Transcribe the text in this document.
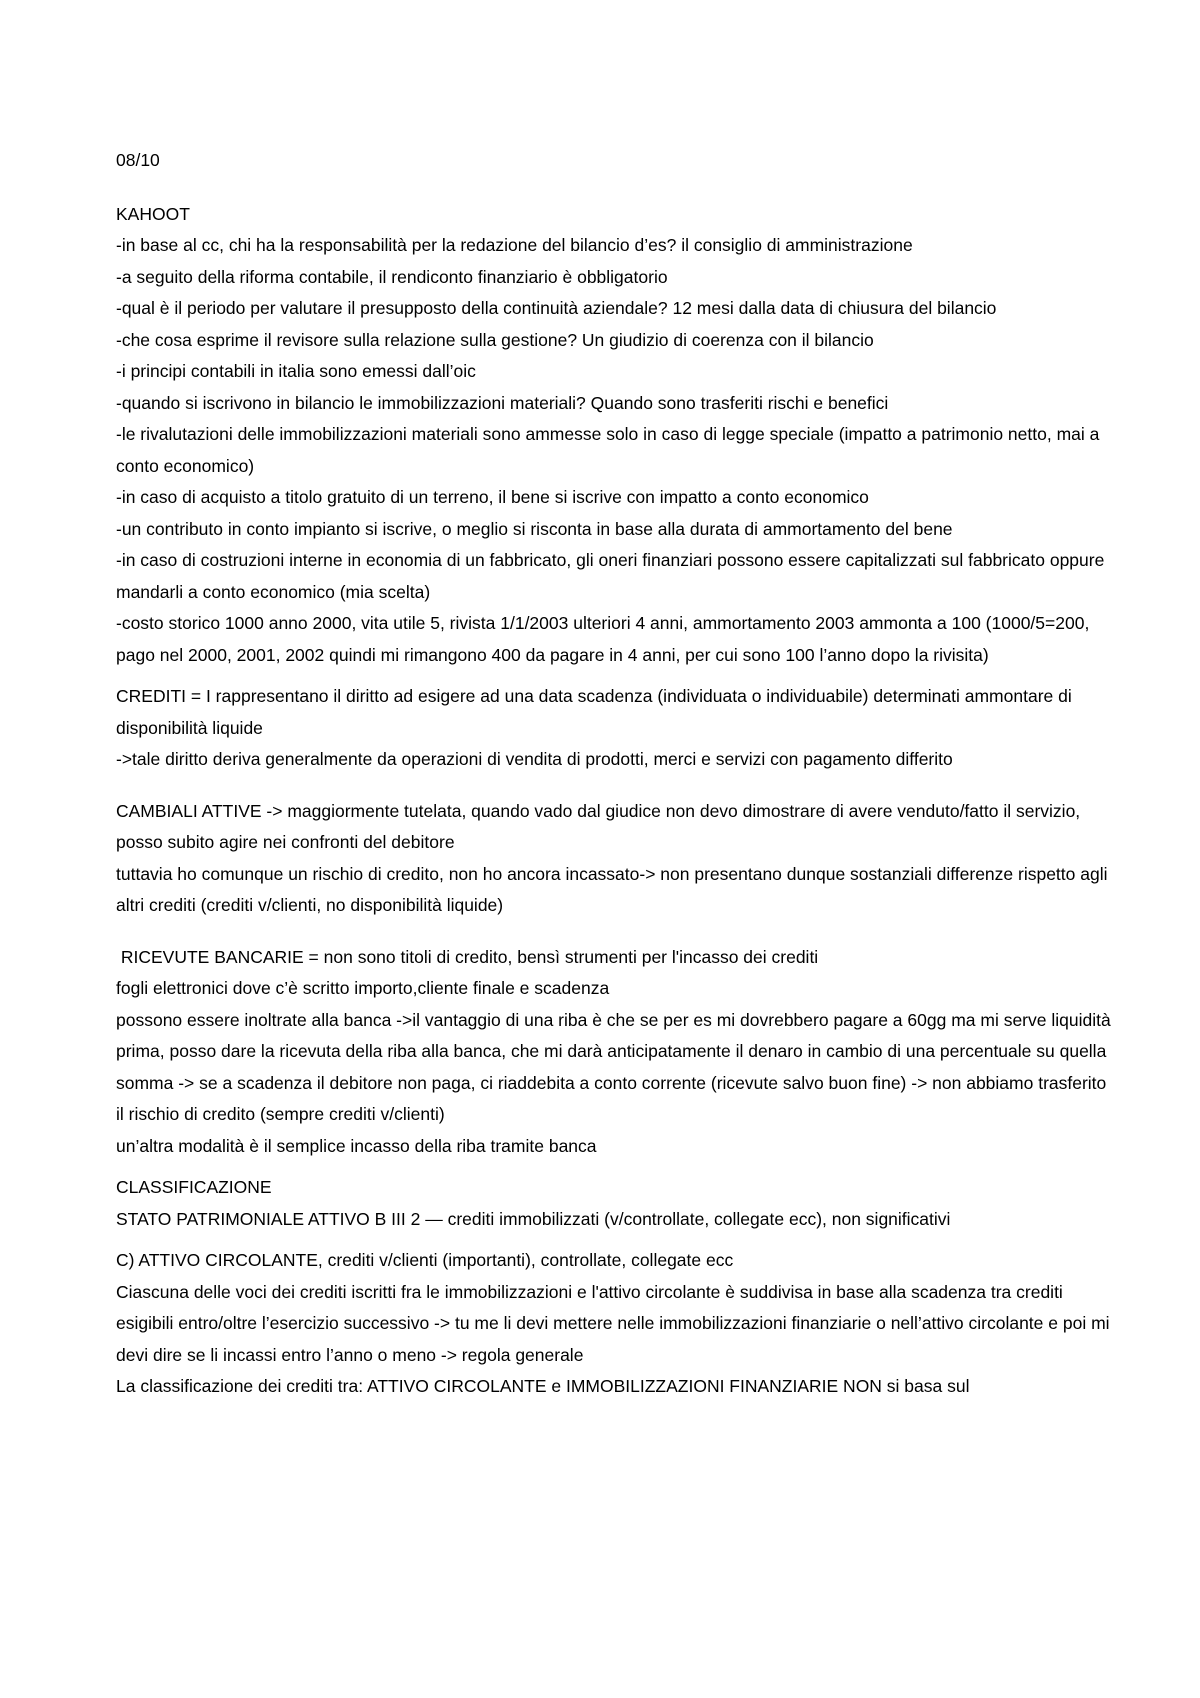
08/10

KAHOOT

-in base al cc, chi ha la responsabilità per la redazione del bilancio d’es? il consiglio di amministrazione

-a seguito della riforma contabile, il rendiconto finanziario è obbligatorio

-qual è il periodo per valutare il presupposto della continuità aziendale? 12 mesi dalla data di chiusura del bilancio

-che cosa esprime il revisore sulla relazione sulla gestione? Un giudizio di coerenza con il bilancio

-i principi contabili in italia sono emessi dall’oic

-quando si iscrivono in bilancio le immobilizzazioni materiali? Quando sono trasferiti rischi e benefici

-le rivalutazioni delle immobilizzazioni materiali sono ammesse solo in caso di legge speciale (impatto a patrimonio netto, mai a conto economico)

-in caso di acquisto a titolo gratuito di un terreno, il bene si iscrive con impatto a conto economico

-un contributo in conto impianto si iscrive, o meglio si risconta in base alla durata di ammortamento del bene

-in caso di costruzioni interne in economia di un fabbricato, gli oneri finanziari possono essere capitalizzati sul fabbricato oppure mandarli a conto economico (mia scelta)

-costo storico 1000 anno 2000, vita utile 5, rivista 1/1/2003 ulteriori 4 anni, ammortamento 2003 ammonta a 100 (1000/5=200, pago nel 2000, 2001, 2002 quindi mi rimangono 400 da pagare in 4 anni, per cui sono 100 l’anno dopo la rivisita)

CREDITI = I rappresentano il diritto ad esigere ad una data scadenza (individuata o individuabile) determinati ammontare di disponibilità liquide

->tale diritto deriva generalmente da operazioni di vendita di prodotti, merci e servizi con pagamento differito

CAMBIALI ATTIVE -> maggiormente tutelata, quando vado dal giudice non devo dimostrare di avere venduto/fatto il servizio, posso subito agire nei confronti del debitore

tuttavia ho comunque un rischio di credito, non ho ancora incassato-> non presentano dunque sostanziali differenze rispetto agli altri crediti (crediti v/clienti, no disponibilità liquide)

RICEVUTE BANCARIE = non sono titoli di credito, bensì strumenti per l'incasso dei crediti

fogli elettronici dove c’è scritto importo,cliente finale e scadenza

possono essere inoltrate alla banca ->il vantaggio di una riba è che se per es mi dovrebbero pagare a 60gg ma mi serve liquidità prima, posso dare la ricevuta della riba alla banca, che mi darà anticipatamente il denaro in cambio di una percentuale su quella somma -> se a scadenza il debitore non paga, ci riaddebita a conto corrente (ricevute salvo buon fine) -> non abbiamo trasferito il rischio di credito (sempre crediti v/clienti)

un’altra modalità è il semplice incasso della riba tramite banca

CLASSIFICAZIONE

STATO PATRIMONIALE ATTIVO B III 2 — crediti immobilizzati (v/controllate, collegate ecc), non significativi

C) ATTIVO CIRCOLANTE, crediti v/clienti (importanti), controllate, collegate ecc

Ciascuna delle voci dei crediti iscritti fra le immobilizzazioni e l'attivo circolante è suddivisa in base alla scadenza tra crediti esigibili entro/oltre l’esercizio successivo -> tu me li devi mettere nelle immobilizzazioni finanziarie o nell’attivo circolante e poi mi devi dire se li incassi entro l’anno o meno -> regola generale

La classificazione dei crediti tra: ATTIVO CIRCOLANTE e IMMOBILIZZAZIONI FINANZIARIE NON si basa sul
